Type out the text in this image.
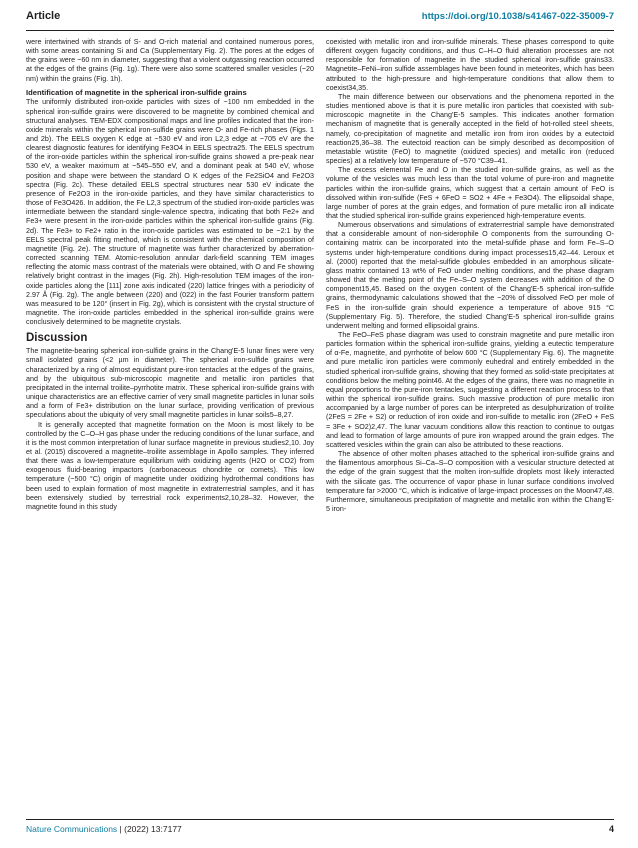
Article	https://doi.org/10.1038/s41467-022-35009-7

were intertwined with strands of S- and O-rich material and contained numerous pores, with some areas containing Si and Ca (Supplementary Fig. 2). The pores at the edges of the grains were ~60 nm in diameter, suggesting that a violent outgassing reaction occurred at the edges of the grains (Fig. 1g). There were also some scattered smaller vesicles (~20 nm) within the grains (Fig. 1h).

Identification of magnetite in the spherical iron-sulfide grains

The uniformly distributed iron-oxide particles with sizes of ~100 nm embedded in the spherical iron-sulfide grains were discovered to be magnetite by combined chemical and structural analyses. TEM-EDX compositional maps and line profiles indicated that the iron-oxide minerals within the spherical iron-sulfide grains were O- and Fe-rich phases (Figs. 1 and 2b). The EELS oxygen K edge at ~530 eV and iron L2,3 edge at ~705 eV are the clearest diagnostic features for identifying Fe3O4 in EELS spectra25. The EELS spectrum of the iron-oxide particles within the spherical iron-sulfide grains showed a pre-peak near 530 eV, a weaker maximum at ~545–550 eV, and a dominant peak at 540 eV, whose position and shape were between the standard O K edges of the Fe2SiO4 and Fe2O3 spectra (Fig. 2c). These detailed EELS spectral structures near 530 eV indicate the presence of Fe2O3 in the iron-oxide particles, and they have similar characteristics to those of Fe3O426. In addition, the Fe L2,3 spectrum of the studied iron-oxide particles was intermediate between the standard single-valence spectra, indicating that both Fe2+ and Fe3+ were present in the iron-oxide particles within the spherical iron-sulfide grains (Fig. 2d). The Fe3+ to Fe2+ ratio in the iron-oxide particles was estimated to be ~2:1 by the EELS spectral peak fitting method, which is consistent with the chemical composition of magnetite (Fig. 2e). The structure of magnetite was further characterized by aberration-corrected scanning TEM. Atomic-resolution annular dark-field scanning TEM images reflecting the atomic mass contrast of the materials were obtained, with O and Fe showing relatively bright contrast in the images (Fig. 2h). High-resolution TEM images of the iron-oxide particles along the [111] zone axis indicated (220) lattice fringes with a periodicity of 2.97 Å (Fig. 2g). The angle between (220) and (022) in the fast Fourier transform pattern was measured to be 120° (insert in Fig. 2g), which is consistent with the crystal structure of magnetite. The iron-oxide particles embedded in the spherical iron-sulfide grains were conclusively determined to be magnetite crystals.

Discussion

The magnetite-bearing spherical iron-sulfide grains in the Chang'E-5 lunar fines were very small isolated grains (<2 µm in diameter). The spherical iron-sulfide grains were characterized by a ring of almost equidistant pure-iron tentacles at the edges of the grains, and by the ubiquitous sub-microscopic magnetite and metallic iron particles that precipitated in the internal troilite–pyrrhotite matrix. These spherical iron-sulfide grains with unique characteristics are an effective carrier of very small magnetite particles in lunar soils and a form of Fe3+ distribution on the lunar surface, providing verification of previous speculations about the ubiquity of very small magnetite particles in lunar soils5–8,27.

It is generally accepted that magnetite formation on the Moon is most likely to be controlled by the C–O–H gas phase under the reducing conditions of the lunar surface, and it is the most common interpretation of lunar surface magnetite in previous studies2,10. Joy et al. (2015) discovered a magnetite–troilite assemblage in Apollo samples. They inferred that there was a low-temperature equilibrium with oxidizing agents (H2O or CO2) from exogenous fluid-bearing impactors (carbonaceous chondrite or comets). This low temperature (~500 °C) origin of magnetite under oxidizing hydrothermal conditions has been used to explain formation of most magnetite in extraterrestrial samples, and it has been extensively studied by terrestrial rock experiments2,10,28–32. However, the magnetite found in this study

coexisted with metallic iron and iron-sulfide minerals. These phases correspond to quite different oxygen fugacity conditions, and thus C–H–O fluid alteration processes are not responsible for formation of magnetite in the studied spherical iron-sulfide grains33. Magnetite–FeNi–iron sulfide assemblages have been found in meteorites, which has been attributed to the high-pressure and high-temperature conditions that allow them to coexist34,35.

The main difference between our observations and the phenomena reported in the studies mentioned above is that it is pure metallic iron particles that coexisted with sub-microscopic magnetite in the Chang'E-5 samples. This indicates another formation mechanism of magnetite that is generally accepted in the field of hot-rolled steel sheets, namely, co-precipitation of magnetite and metallic iron from iron oxides by a eutectoid reaction25,36–38. The eutectoid reaction can be simply described as decomposition of metastable wüstite (FeO) to magnetite (oxidized species) and metallic iron (reduced species) at a relatively low temperature of ~570 °C39–41.

The excess elemental Fe and O in the studied iron-sulfide grains, as well as the volume of the vesicles was much less than the total volume of pure-iron and magnetite particles within the iron-sulfide grains, which suggest that a certain amount of FeO is dissolved within iron-sulfide (FeS + 6FeO = SO2 + 4Fe + Fe3O4). The ellipsoidal shape, large number of pores at the grain edges, and formation of pure metallic iron all indicate that the studied spherical iron-sulfide grains experienced high-temperature events.

Numerous observations and simulations of extraterrestrial sample have demonstrated that a considerable amount of non-siderophile O components from the surrounding O-containing matrix can be incorporated into the metal-sulfide phase and form Fe–S–O systems under high-temperature conditions during impact processes15,42–44. Leroux et al. (2000) reported that the metal-sulfide globules embedded in an amorphous silicate-glass matrix contained 13 wt% of FeO under melting conditions, and the phase diagram showed that the melting point of the Fe–S–O system decreases with addition of the O component15,45. Based on the oxygen content of the Chang'E-5 spherical iron-sulfide grains, thermodynamic calculations showed that the ~20% of dissolved FeO per mole of FeS in the iron-sulfide grain should experience a temperature of above 915 °C (Supplementary Fig. 5). Therefore, the studied Chang'E-5 spherical iron-sulfide grains underwent melting and formed ellipsoidal grains.

The FeO–FeS phase diagram was used to constrain magnetite and pure metallic iron particles formation within the spherical iron-sulfide grains, yielding a eutectic temperature of α-Fe, magnetite, and pyrrhotite of below 600 °C (Supplementary Fig. 6). The magnetite and pure metallic iron particles were commonly euhedral and entirely embedded in the studied spherical iron-sulfide grains, showing that they formed as solid-state precipitates at conditions below the melting point46. At the edges of the grains, there was no magnetite in equal proportions to the pure-iron tentacles, suggesting a different reaction process to that within the spherical iron-sulfide grains. Such massive production of pure metallic iron accompanied by a large number of pores can be interpreted as desulphurization of troilite (2FeS = 2Fe + S2) or reduction of iron oxide and iron-sulfide to metallic iron (2FeO + FeS = 3Fe + SO2)2,47. The lunar vacuum conditions allow this reaction to continue to outgas and lead to formation of large amounts of pure iron wrapped around the grain edges. The scattered vesicles within the grain can also be attributed to these reactions.

The absence of other molten phases attached to the spherical iron-sulfide grains and the filamentous amorphous Si–Ca–S–O composition with a vesicular structure detected at the edge of the grain suggest that the molten iron-sulfide droplets most likely interacted with the silicate gas. The occurrence of vapor phase in lunar surface conditions involved temperature far >2000 °C, which is indicative of large-impact processes on the Moon47,48. Furthermore, simultaneous precipitation of magnetite and metallic iron within the Chang'E-5 iron-

Nature Communications | (2022) 13:7177	4
